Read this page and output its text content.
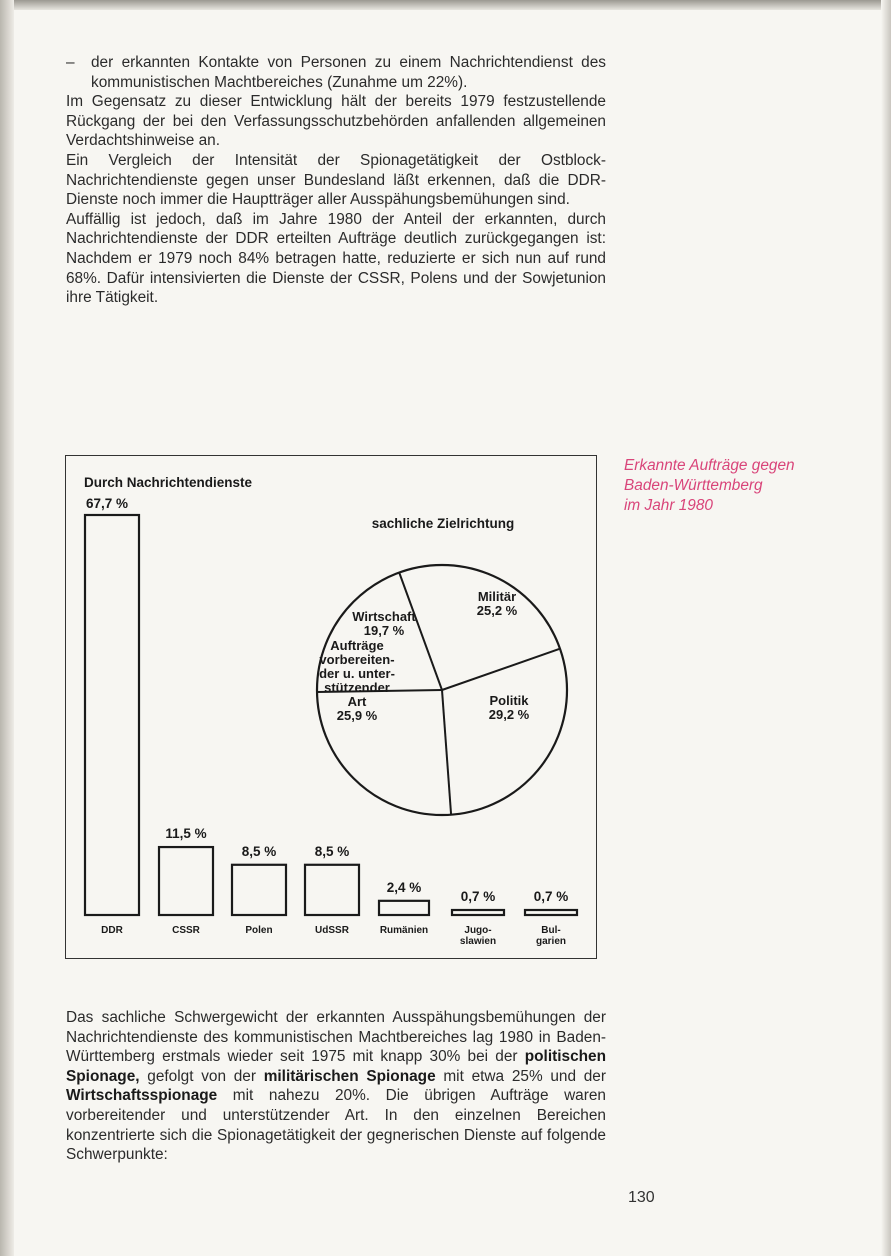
–	der erkannten Kontakte von Personen zu einem Nachrichtendienst des kommunistischen Machtbereiches (Zunahme um 22%).

Im Gegensatz zu dieser Entwicklung hält der bereits 1979 festzustellende Rückgang der bei den Verfassungsschutzbehörden anfallenden allgemeinen Verdachtshinweise an.

Ein Vergleich der Intensität der Spionagetätigkeit der Ostblock-Nachrichtendienste gegen unser Bundesland läßt erkennen, daß die DDR-Dienste noch immer die Hauptträger aller Ausspähungsbemühungen sind.

Auffällig ist jedoch, daß im Jahre 1980 der Anteil der erkannten, durch Nachrichtendienste der DDR erteilten Aufträge deutlich zurückgegangen ist: Nachdem er 1979 noch 84% betragen hatte, reduzierte er sich nun auf rund 68%. Dafür intensivierten die Dienste der CSSR, Polens und der Sowjetunion ihre Tätigkeit.

Erkannte Aufträge gegen
Baden-Württemberg
im Jahr 1980
Durch Nachrichtendienste
67,7 %
DDR
11,5 %
CSSR
8,5 %
Polen
8,5 %
UdSSR
2,4 %
Rumänien
0,7 %
Jugo-
slawien
0,7 %
Bul-
garien
sachliche Zielrichtung
Militär
25,2 %
Politik
29,2 %
Aufträge
vorbereiten-
der u. unter-
stützender
Art
25,9 %
Wirtschaft
19,7 %

Das sachliche Schwergewicht der erkannten Ausspähungsbemühungen der Nachrichtendienste des kommunistischen Machtbereiches lag 1980 in Baden-Württemberg erstmals wieder seit 1975 mit knapp 30% bei der politischen Spionage, gefolgt von der militärischen Spionage mit etwa 25% und der Wirtschaftsspionage mit nahezu 20%. Die übrigen Aufträge waren vorbereitender und unterstützender Art. In den einzelnen Bereichen konzentrierte sich die Spionagetätigkeit der gegnerischen Dienste auf folgende Schwerpunkte:

130
